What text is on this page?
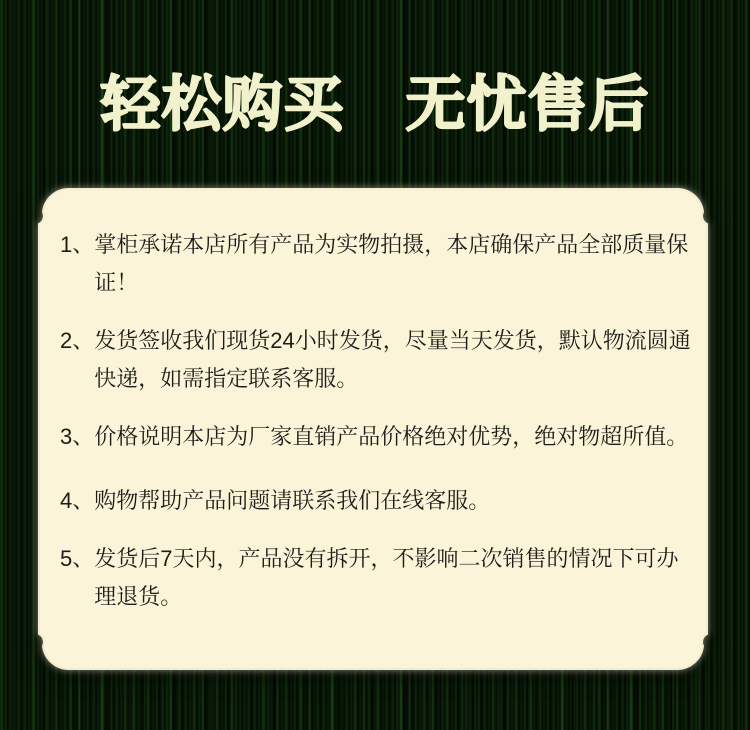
轻松购买　无忧售后
1、 掌柜承诺本店所有产品为实物拍摄，本店确保产品全部质量保证！
2、 发货签收我们现货24小时发货，尽量当天发货，默认物流圆通快递，如需指定联系客服。
3、 价格说明本店为厂家直销产品价格绝对优势，绝对物超所值。
4、 购物帮助产品问题请联系我们在线客服。
5、 发货后7天内，产品没有拆开，不影响二次销售的情况下可办理退货。
